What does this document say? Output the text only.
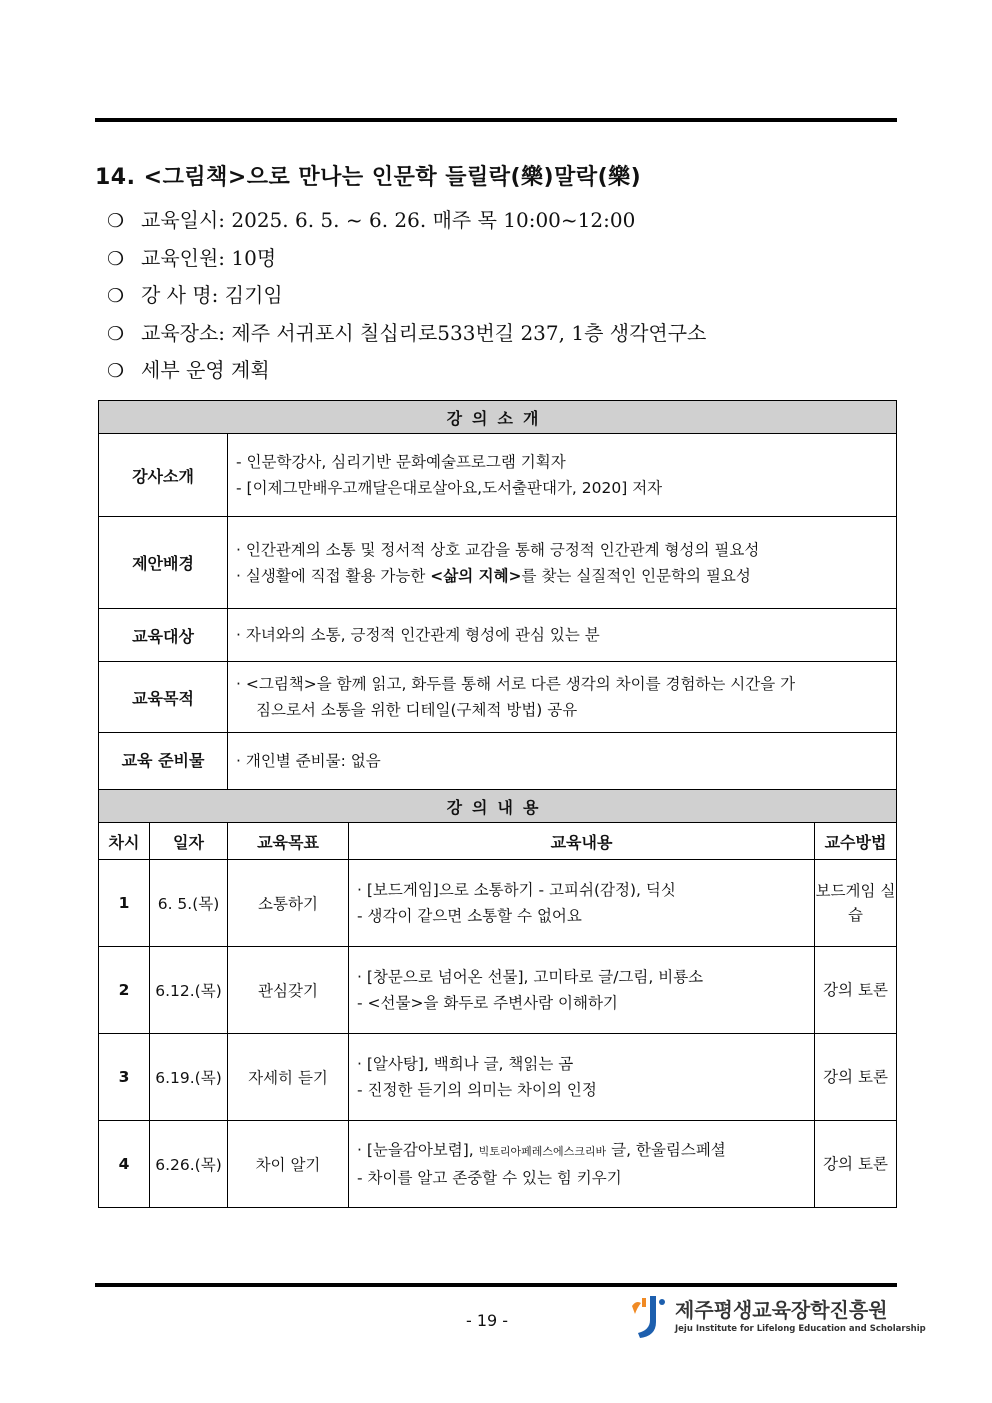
14. <그림책>으로 만나는 인문학 들릴락(樂)말락(樂)
❍ 교육일시: 2025. 6. 5. ~ 6. 26. 매주 목 10:00~12:00
❍ 교육인원: 10명
❍ 강 사 명: 김기임
❍ 교육장소: 제주 서귀포시 칠십리로533번길 237, 1층 생각연구소
❍ 세부 운영 계획
강의소개				
강사소개		- 인문학강사, 심리기반 문화예술프로그램 기획자
- [이제그만배우고깨달은대로살아요,도서출판대가, 2020] 저자		

제안배경		· 인간관계의 소통 및 정서적 상호 교감을 통해 긍정적 인간관계 형성의 필요성
· 실생활에 직접 활용 가능한 <삶의 지혜>를 찾는 실질적인 인문학의 필요성		

교육대상		· 자녀와의 소통, 긍정적 인간관계 형성에 관심 있는 분		
교육목적		· <그림책>을 함께 읽고, 화두를 통해 서로 다른 생각의 차이를 경험하는 시간을 가
짐으로서 소통을 위한 디테일(구체적 방법) 공유		

교육 준비물		· 개인별 준비물: 없음		
강의내용				
차시	일자	교육목표	교육내용	교수방법
1	6. 5.(목)	소통하기	· [보드게임]으로 소통하기 - 고피쉬(감정), 딕싯
- 생각이 같으면 소통할 수 없어요	보드게임 실습
2	6.12.(목)	관심갖기	· [창문으로 넘어온 선물], 고미타로 글/그림, 비룡소
- <선물>을 화두로 주변사람 이해하기	강의 토론
3	6.19.(목)	자세히 듣기	· [알사탕], 백희나 글, 책읽는 곰
- 진정한 듣기의 의미는 차이의 인정	강의 토론
4	6.26.(목)	차이 알기	· [눈을감아보렴], 빅토리아페레스에스크리바 글, 한울림스페셜
- 차이를 알고 존중할 수 있는 힘 키우기	강의 토론
- 19 -	제주평생교육장학진흥원
Jeju Institute for Lifelong Education and Scholarship
